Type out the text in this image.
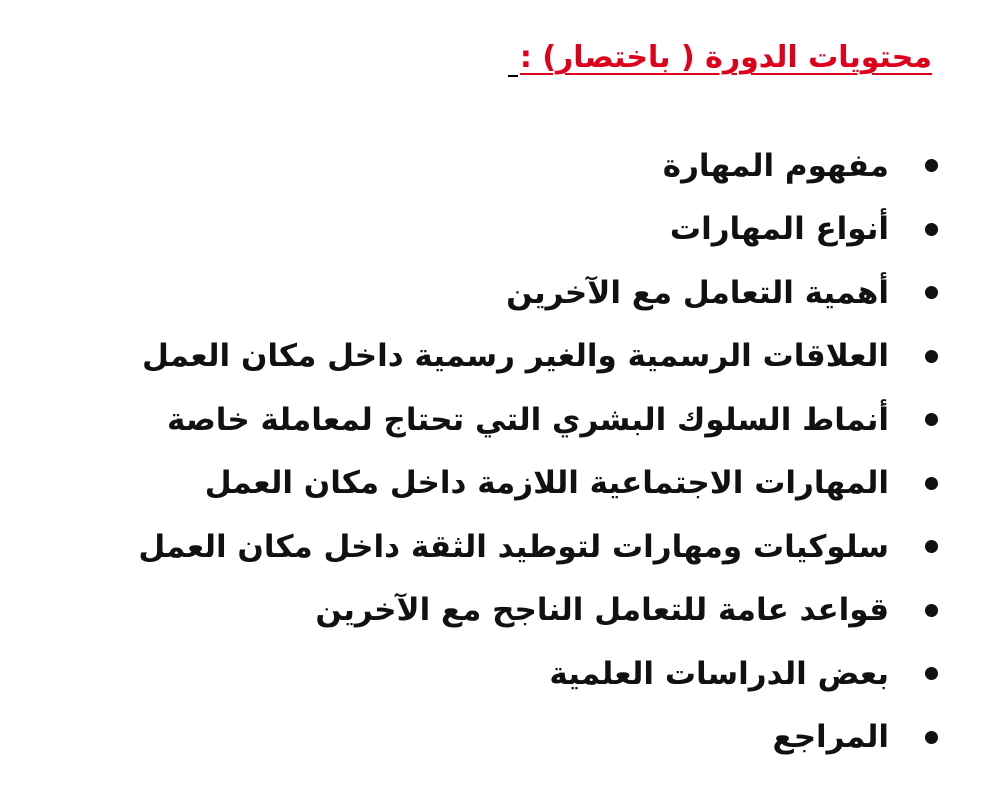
محتويات الدورة ( باختصار) :
مفهوم المهارة
أنواع المهارات
أهمية التعامل مع الآخرين
العلاقات الرسمية والغير رسمية داخل مكان العمل
أنماط السلوك البشري التي تحتاج لمعاملة خاصة
المهارات الاجتماعية اللازمة داخل مكان العمل
سلوكيات ومهارات لتوطيد الثقة داخل مكان العمل
قواعد عامة للتعامل الناجح مع الآخرين
بعض الدراسات العلمية
المراجع
